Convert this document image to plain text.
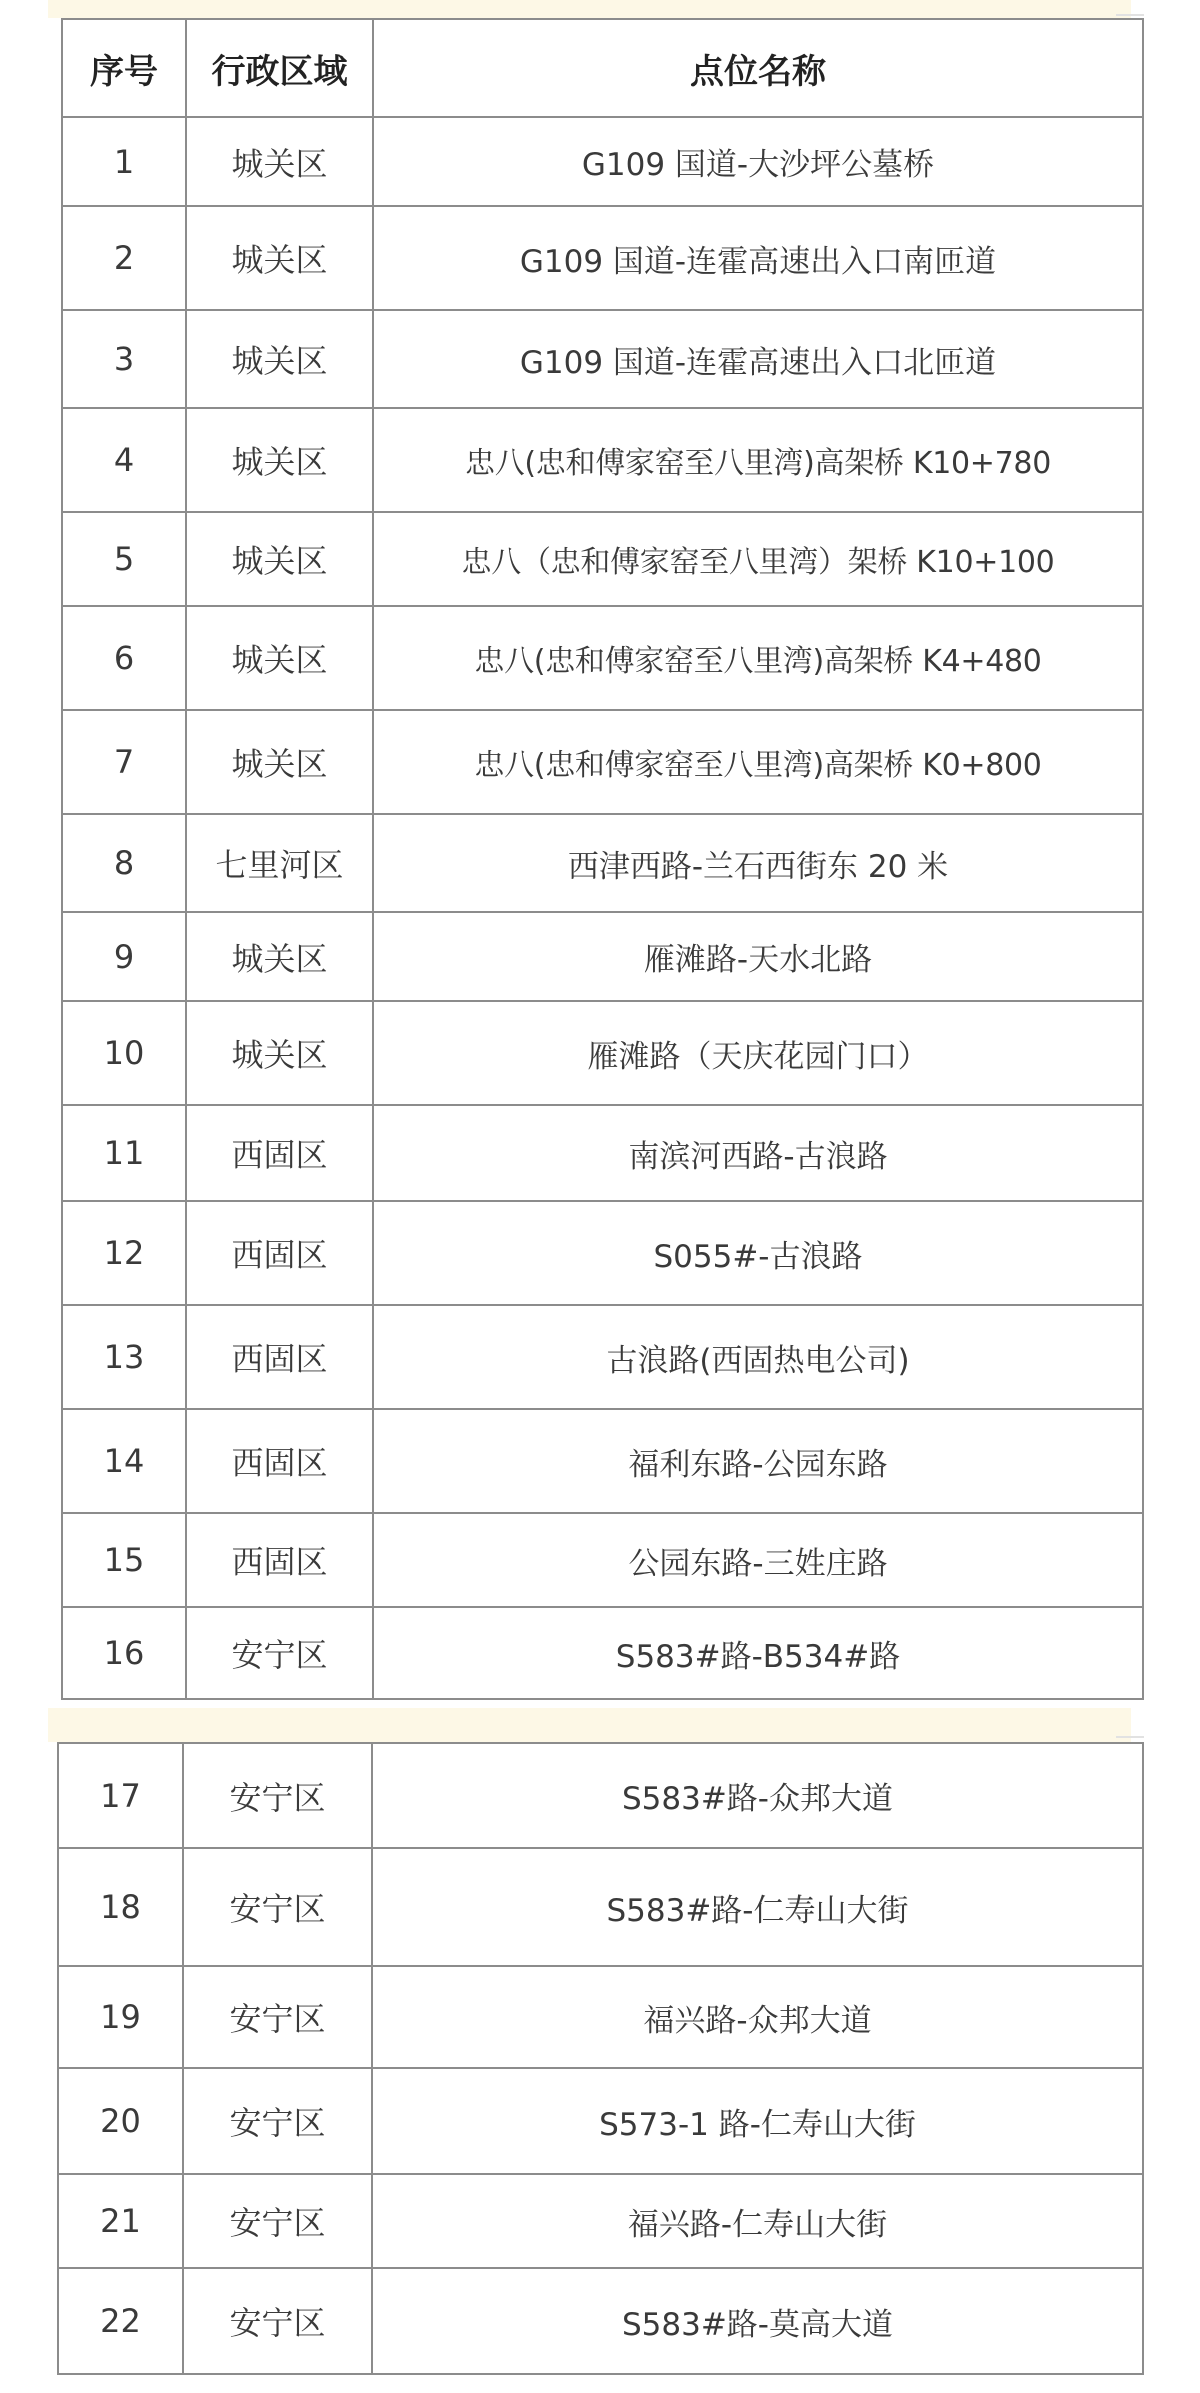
序号	行政区域	点位名称
1	城关区	G109 国道-大沙坪公墓桥
2	城关区	G109 国道-连霍高速出入口南匝道
3	城关区	G109 国道-连霍高速出入口北匝道
4	城关区	忠八(忠和傅家窑至八里湾)高架桥 K10+780
5	城关区	忠八（忠和傅家窑至八里湾）架桥 K10+100
6	城关区	忠八(忠和傅家窑至八里湾)高架桥 K4+480
7	城关区	忠八(忠和傅家窑至八里湾)高架桥 K0+800
8	七里河区	西津西路-兰石西街东 20 米
9	城关区	雁滩路-天水北路
10	城关区	雁滩路（天庆花园门口）
11	西固区	南滨河西路-古浪路
12	西固区	S055#-古浪路
13	西固区	古浪路(西固热电公司)
14	西固区	福利东路-公园东路
15	西固区	公园东路-三姓庄路
16	安宁区	S583#路-B534#路
17	安宁区	S583#路-众邦大道
18	安宁区	S583#路-仁寿山大街
19	安宁区	福兴路-众邦大道
20	安宁区	S573-1 路-仁寿山大街
21	安宁区	福兴路-仁寿山大街
22	安宁区	S583#路-莫高大道
